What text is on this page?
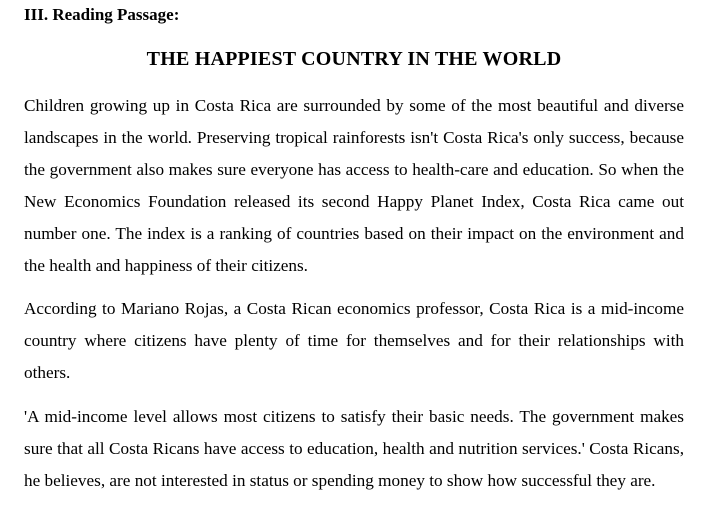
III. Reading Passage:
THE HAPPIEST COUNTRY IN THE WORLD

Children growing up in Costa Rica are surrounded by some of the most beautiful and diverse landscapes in the world. Preserving tropical rainforests isn't Costa Rica's only success, because the government also makes sure everyone has access to health-care and education. So when the New Economics Foundation released its second Happy Planet Index, Costa Rica came out number one. The index is a ranking of countries based on their impact on the environment and the health and happiness of their citizens.

According to Mariano Rojas, a Costa Rican economics professor, Costa Rica is a mid-income country where citizens have plenty of time for themselves and for their relationships with others.

'A mid-income level allows most citizens to satisfy their basic needs. The government makes sure that all Costa Ricans have access to education, health and nutrition services.' Costa Ricans, he believes, are not interested in status or spending money to show how successful they are.
